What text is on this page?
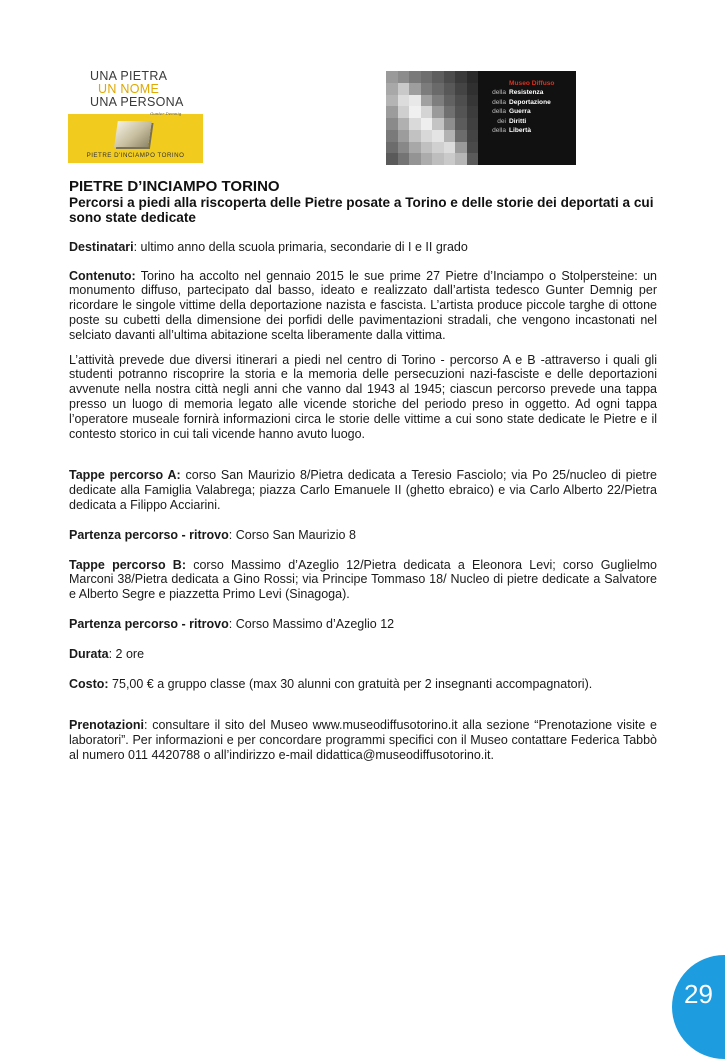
UNA PIETRA
UN NOME
UNA PERSONA
Gunter Demnig
PIETRE D'INCIAMPO TORINO
Museo Diffuso
della Resistenza
della Deportazione
della Guerra
dei Diritti
della Libertà
PIETRE D’INCIAMPO TORINO
Percorsi a piedi alla riscoperta delle Pietre posate a Torino e delle storie dei deportati a cui sono state dedicate

Destinatari: ultimo anno della scuola primaria, secondarie di I e II grado

Contenuto: Torino ha accolto nel gennaio 2015 le sue prime 27 Pietre d’Inciampo o Stolpersteine: un monumento diffuso, partecipato dal basso, ideato e realizzato dall’artista tedesco Gunter Demnig per ricordare le singole vittime della deportazione nazista e fascista. L’artista produce piccole targhe di ottone poste su cubetti della dimensione dei porfidi delle pavimentazioni stradali, che vengono incastonati nel selciato davanti all’ultima abitazione scelta liberamente dalla vittima.

L’attività prevede due diversi itinerari a piedi nel centro di Torino - percorso A e B -attraverso i quali gli studenti potranno riscoprire la storia e la memoria delle persecuzioni nazi-fasciste e delle deportazioni avvenute nella nostra città negli anni che vanno dal 1943 al 1945; ciascun percorso prevede una tappa presso un luogo di memoria legato alle vicende storiche del periodo preso in oggetto. Ad ogni tappa l’operatore museale fornirà informazioni circa le storie delle vittime a cui sono state dedicate le Pietre e il contesto storico in cui tali vicende hanno avuto luogo.

Tappe percorso A: corso San Maurizio 8/Pietra dedicata a Teresio Fasciolo; via Po 25/nucleo di pietre dedicate alla Famiglia Valabrega; piazza Carlo Emanuele II (ghetto ebraico) e via Carlo Alberto 22/Pietra dedicata a Filippo Acciarini.

Partenza percorso - ritrovo: Corso San Maurizio 8

Tappe percorso B: corso Massimo d’Azeglio 12/Pietra dedicata a Eleonora Levi; corso Guglielmo Marconi 38/Pietra dedicata a Gino Rossi; via Principe Tommaso 18/ Nucleo di pietre dedicate a Salvatore e Alberto Segre e piazzetta Primo Levi (Sinagoga).

Partenza percorso - ritrovo: Corso Massimo d’Azeglio 12

Durata: 2 ore

Costo: 75,00 € a gruppo classe (max 30 alunni con gratuità per 2 insegnanti accompagnatori).

Prenotazioni: consultare il sito del Museo www.museodiffusotorino.it alla sezione “Prenotazione visite e laboratori”. Per informazioni e per concordare programmi specifici con il Museo contattare Federica Tabbò al numero 011 4420788 o all’indirizzo e-mail didattica@museodiffusotorino.it.

29
